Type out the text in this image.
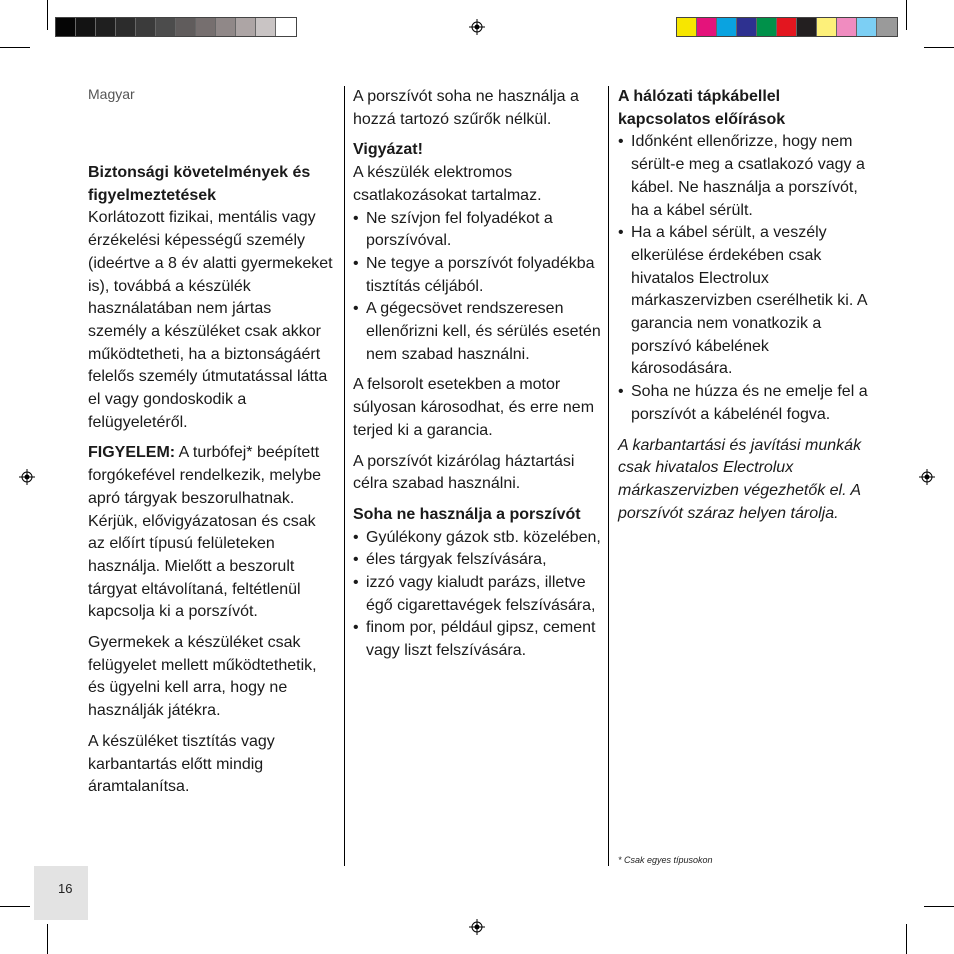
Magyar
Biztonsági követelmények és figyelmeztetések

Korlátozott fizikai, mentális vagy érzékelési képességű személy (ideértve a 8 év alatti gyermekeket is), továbbá a készülék használatában nem jártas személy a készüléket csak akkor működtetheti, ha a biztonságáért felelős személy útmutatással látta el vagy gondoskodik a felügyeletéről.

FIGYELEM: A turbófej* beépített forgókefével rendelkezik, melybe apró tárgyak beszorulhatnak. Kérjük, elővigyázatosan és csak az előírt típusú felületeken használja. Mielőtt a beszorult tárgyat eltávolítaná, feltétlenül kapcsolja ki a porszívót.

Gyermekek a készüléket csak felügyelet mellett működtethetik, és ügyelni kell arra, hogy ne használják játékra.

A készüléket tisztítás vagy karbantartás előtt mindig áramtalanítsa.

A porszívót soha ne használja a hozzá tartozó szűrők nélkül.

Vigyázat!
A készülék elektromos csatlakozásokat tartalmaz.
• Ne szívjon fel folyadékot a porszívóval.
• Ne tegye a porszívót folyadékba tisztítás céljából.
• A gégecsövet rendszeresen ellenőrizni kell, és sérülés esetén nem szabad használni.

A felsorolt esetekben a motor súlyosan károsodhat, és erre nem terjed ki a garancia.

A porszívót kizárólag háztartási célra szabad használni.

Soha ne használja a porszívót
• Gyúlékony gázok stb. közelében,
• éles tárgyak felszívására,
• izzó vagy kialudt parázs, illetve égő cigarettavégek felszívására,
• finom por, például gipsz, cement vagy liszt felszívására.
A hálózati tápkábellel kapcsolatos előírások
• Időnként ellenőrizze, hogy nem sérült-e meg a csatlakozó vagy a kábel. Ne használja a porszívót, ha a kábel sérült.
• Ha a kábel sérült, a veszély elkerülése érdekében csak hivatalos Electrolux márkaszervizben cserélhetik ki. A garancia nem vonatkozik a porszívó kábelének károsodására.
• Soha ne húzza és ne emelje fel a porszívót a kábelénél fogva.

A karbantartási és javítási munkák csak hivatalos Electrolux márkaszervizben végezhetők el. A porszívót száraz helyen tárolja.

* Csak egyes típusokon
16
